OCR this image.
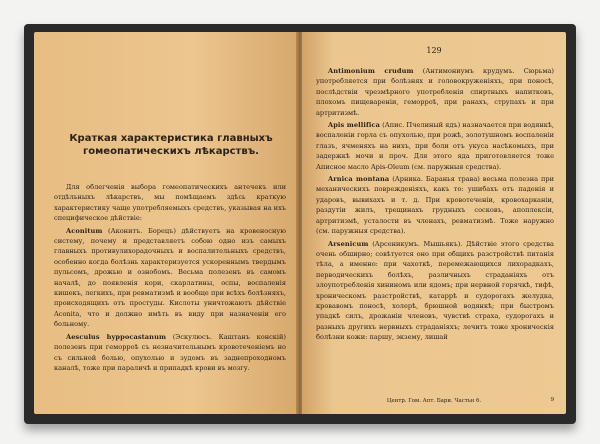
Краткая характеристика главныхъ гомеопатическихъ лѣкарствъ.

Для облегченія выбора гомеопатическихъ антечекъ или отдѣльныхъ лѣкарствъ, мы помѣщаемъ здѣсь краткую характеристику чаще употребляемыхъ средствъ, указывая на ихъ специфическое дѣйствіе:

Aconitum (Аконитъ. Борецъ) дѣйствуетъ на кровеносную систему, почему и представляетъ собою одно изъ самыхъ главныхъ противулихорадочныхъ и воспалительныхъ средствъ, особенно когда болѣзнь характеризуется ускореннымъ твердымъ пульсомъ, дрожью и ознобомъ. Весьма полезенъ въ самомъ началѣ, до появленія кори, скарлатины, оспы, воспаленія кишекъ, легкихъ, при ревматизмѣ и вообще при всѣхъ болѣзняхъ, происходящихъ отъ простуды. Кислоты уничтожаютъ дѣйствіе Aconita, что и должно имѣть въ виду при назначеніи его больному.

Aesculus hyppocastanum (Эскулюсъ. Каштанъ конскій) полезенъ при геморроѣ съ незначительнымъ кровотеченіемъ но съ сильной болью, опухолью и зудомъ въ заднепроходномъ каналѣ, тоже при параличѣ и припадкѣ крови въ мозгу.

129

Antimonium crudum (Антимониумъ крудумъ. Сюрьма) употребляется при болѣзнях и головокруженіяхъ, при поносѣ, послѣдствіи чрезмѣрного употребленія спиртныхъ напитковъ, плохомъ пищевареніи, геморроѣ, при ранахъ, струпахъ и при артритизмѣ.

Apis mellifica (Апис. Пчелиный ядъ) назначается при водянкѣ, воспаленіи горла съ опухолью, при рожѣ, золотушномъ воспаленіи глазъ, ячменяхъ на нихъ, при боли отъ укуса насѣкомыхъ, при задержкѣ мочи и проч. Для этого яда приготовляется тоже Аписное масло Apis-Oleum (см. паружныя средства).

Arnica montana (Арника. Баранья трава) весьма полезна при механическихъ поврежденіяхъ, какъ то: ушибахъ отъ паденія и ударовъ, вывихахъ и т. д. При кровотеченіи, кровохарканіи, раздутіи жилъ, трещинахъ грудныхъ сосковъ, апоплексіи, артритизмѣ, усталости въ членахъ, ревматизмѣ. Тоже наружно (см. паружныя средства).

Arsenicum (Арсеникумъ. Мышьякъ). Дѣйствіе этого средства очень обширно; совѣтуется оно при общихъ разстройствѣ питанія тѣла, а именно: при чахоткѣ, перемежающихся лихорадкахъ, перводическихъ болѣхъ, различныхъ страданіяхъ отъ злоупотребленія хининомъ или ядомъ; при нервной горячкѣ, тифѣ, хроническомъ разстройствѣ, катаррѣ и судорогахъ желудка, кровавомъ поносѣ, холерѣ, брюшной водянкѣ; при быстромъ упадкѣ силъ, дрожаніи членовъ, чувствѣ страха, судорогахъ и разныхъ другихъ нервныхъ страданіяхъ; лечитъ тоже хроническія болѣзни кожи: паршу, экзему, лишай

Центр. Гом. Апт. Бари. Частьн 6.	9
